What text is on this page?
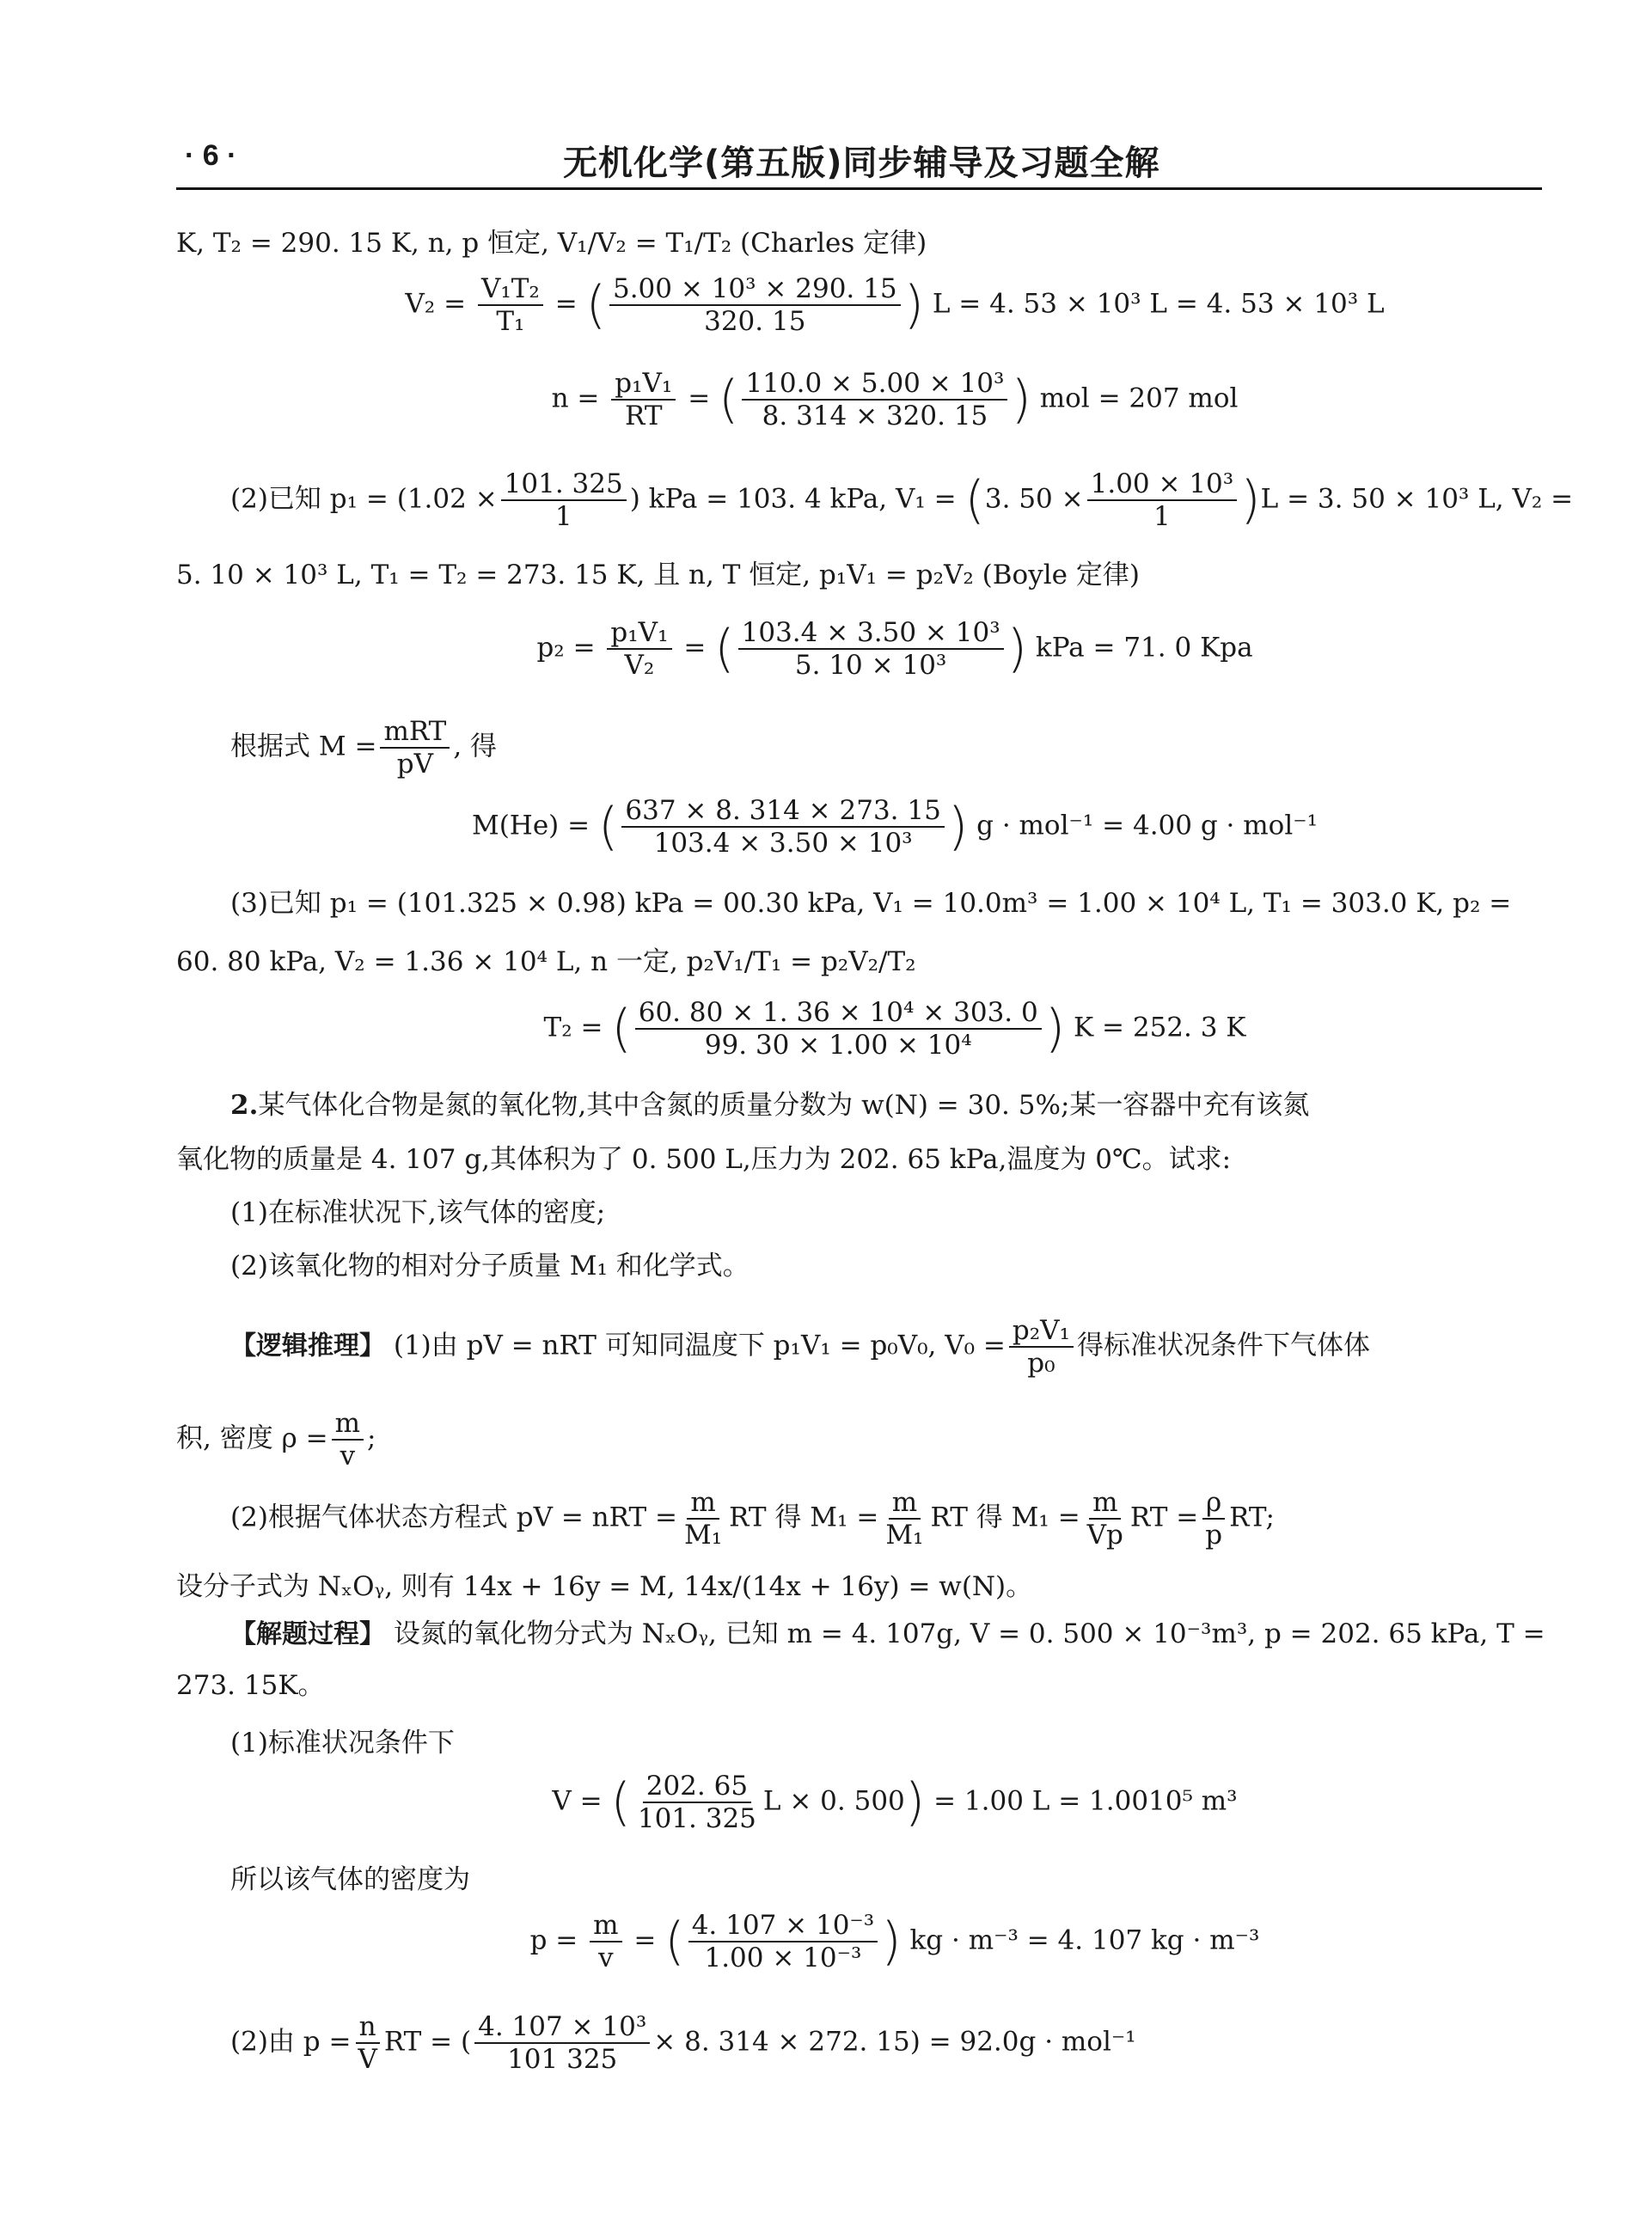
· 6 ·	无机化学(第五版)同步辅导及习题全解
K, T₂ = 290. 15 K, n, p 恒定, V₁/V₂ = T₁/T₂ (Charles 定律)
$V_2 = \frac{\text{V₁T₂}}{\text{T₁}}$ = ( $\frac{\text{5.00 × 10³ × 290. 15}}{320. 15}$ ) L = 4. 53 × 10³ L = 4. 53 × 10³ L
$n = \frac{\text{p₁V₁}}{RT}$ = ( $\frac{\text{110.0 × 5.00 × 10³}}{8. 314 \times 320. 15}$ ) mol = 207 mol
(2)已知 $p_1 = (1.02 \times \frac{101. 325}{1}$ ) kPa = 103. 4 kPa, V₁ = (3. $50 \times \frac{\text{1.00 × 10³}}{1} )L = 3$. 50 × 10³ L, V₂ =
5. 10 × 10³ L, T₁ = T₂ = 273. 15 K, 且 n, T 恒定, p₁V₁ = p₂V₂ (Boyle 定律)
$p_2 = \frac{\text{p₁V₁}}{\text{V₂}}$ = ( $\frac{\text{103.4 × 3.50 × 10³}}{\text{5. 10 × 10³}}$ ) kPa = 71. 0 Kpa
根据式 M = mRT
pV
, 得
M(He) = ( $\frac{637 \times 8. 314 \times 273. 15}{\text{103.4 × 3.50 × 10³}}$ ) g · mol⁻¹ = 4.00 g · mol⁻¹
(3)已知 p₁ = (101.325 × 0.98) kPa = 00.30 kPa, V₁ = 10.0m³ = 1.00 × 10⁴ L, T₁ = 303.0 K, p₂ =
60. 80 kPa, V₂ = 1.36 × 10⁴ L, n 一定, p₂V₁/T₁ = p₂V₂/T₂
T₂ = ( $\frac{\text{60. 80 × 1. 36 × 10⁴ × 303. 0}}{\text{99. 30 × 1.00 × 10⁴}}$ ) K = 252. 3 K
2.某气体化合物是氮的氧化物,其中含氮的质量分数为 w(N) = 30. 5%;某一容器中充有该氮
氧化物的质量是 4. 107 g,其体积为了 0. 500 L,压力为 202. 65 kPa,温度为 0℃。试求:
(1)在标准状况下,该气体的密度;
(2)该氧化物的相对分子质量 M₁ 和化学式。
【逻辑推理】 (1)由 pV = nRT 可知同温度下 p₁V₁ = p₀V₀, $V_0 = \frac{\text{p₂V₁}}{\text{p₀}}$ 得标准状况条件下气体体
积, 密度 $\rho = \frac{m}{v}$ ;
(2)根据气体状态方程式 pV = nRT = $\frac{m}{\text{M₁}}$ RT 得 $M_1 = \frac{m}{\text{M₁}}$ RT 得 $M_1 = \frac{m}{Vp}$ RT = $\frac{\rho}{p}$ RT;
设分子式为 NₓOᵧ, 则有 14x + 16y = M, 14x/(14x + 16y) = w(N)。
【解题过程】 设氮的氧化物分式为 NₓOᵧ, 已知 m = 4. 107g, V = 0. 500 × 10⁻³m³, p = 202. 65 kPa, T =
273. 15K。
(1)标准状况条件下
V = ( $\frac{202. 65}{101. 325}$ L × 0. 500) = 1.00 L = 1.0010⁵ m³
所以该气体的密度为
$p = \frac{m}{v}$ = ( $\frac{\text{4. 107 × 10⁻³}}{\text{1.00 × 10⁻³}}$ ) kg · m⁻³ = 4. 107 kg · m⁻³
(2)由 $p = \frac{n}{V}$ RT = ( $\frac{\text{4. 107 × 10³}}{101 325} \times 8$. 314 × 272. 15) = 92.0g · mol⁻¹
